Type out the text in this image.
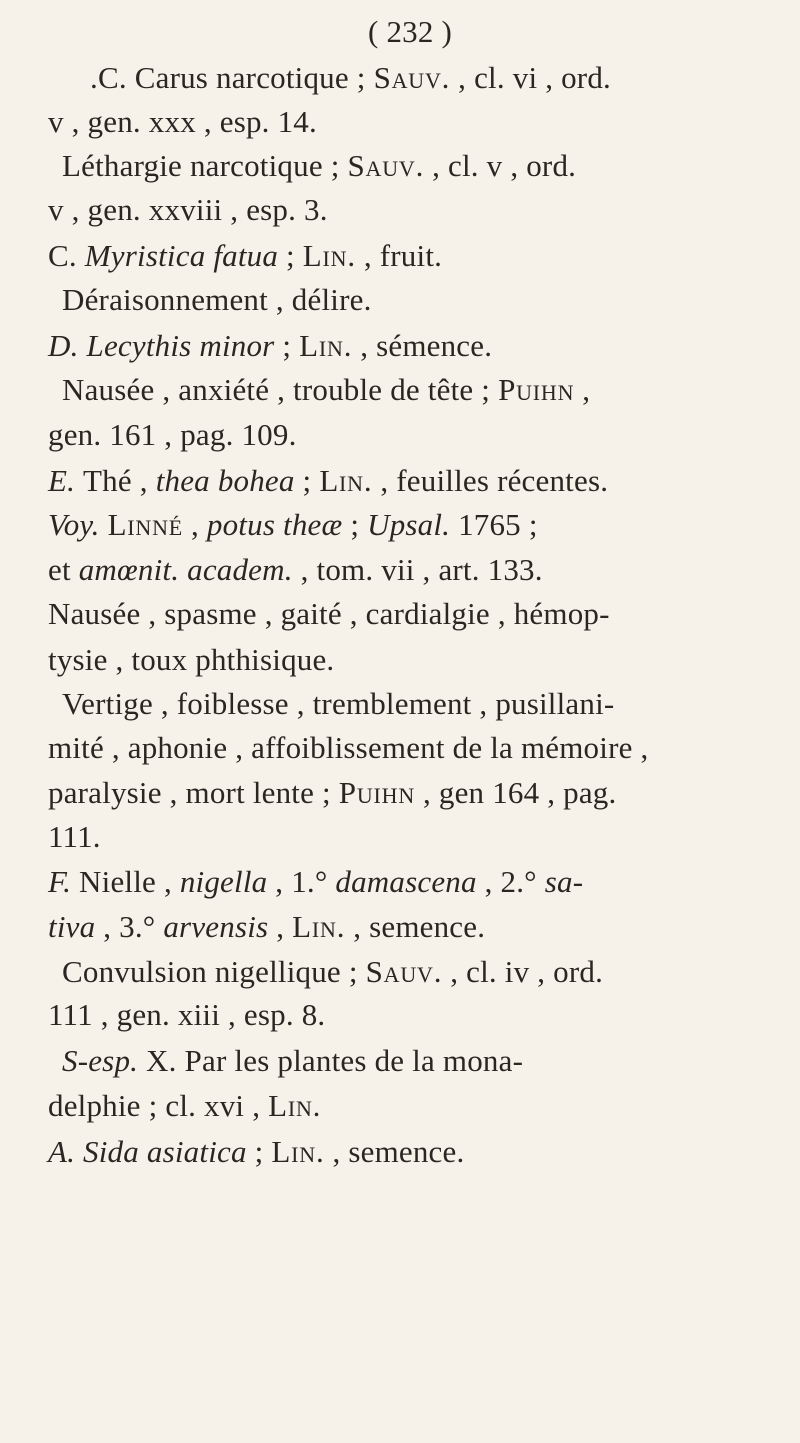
( 232 )
.C. Carus narcotique ; Sauv. , cl. vi , ord.
v , gen. xxx , esp. 14.
Léthargie narcotique ; Sauv. , cl. v , ord.
v , gen. xxviii , esp. 3.
C. Myristica fatua ; Lin. , fruit.
Déraisonnement , délire.
D. Lecythis minor ; Lin. , sémence.
Nausée , anxiété , trouble de tête ; Puihn ,
gen. 161 , pag. 109.
E. Thé , thea bohea ; Lin. , feuilles récentes.
Voy. Linné , potus theæ ; Upsal. 1765 ;
et amœnit. academ. , tom. vii , art. 133.
Nausée , spasme , gaité , cardialgie , hémop-
tysie , toux phthisique.
Vertige , foiblesse , tremblement , pusillani-
mité , aphonie , affoiblissement de la mémoire ,
paralysie , mort lente ; Puihn , gen 164 , pag.
111.
F. Nielle , nigella , 1.° damascena , 2.° sa-
tiva , 3.° arvensis , Lin. , semence.
Convulsion nigellique ; Sauv. , cl. iv , ord.
111 , gen. xiii , esp. 8.
S-esp. X. Par les plantes de la mona-
delphie ; cl. xvi , Lin.
A. Sida asiatica ; Lin. , semence.
